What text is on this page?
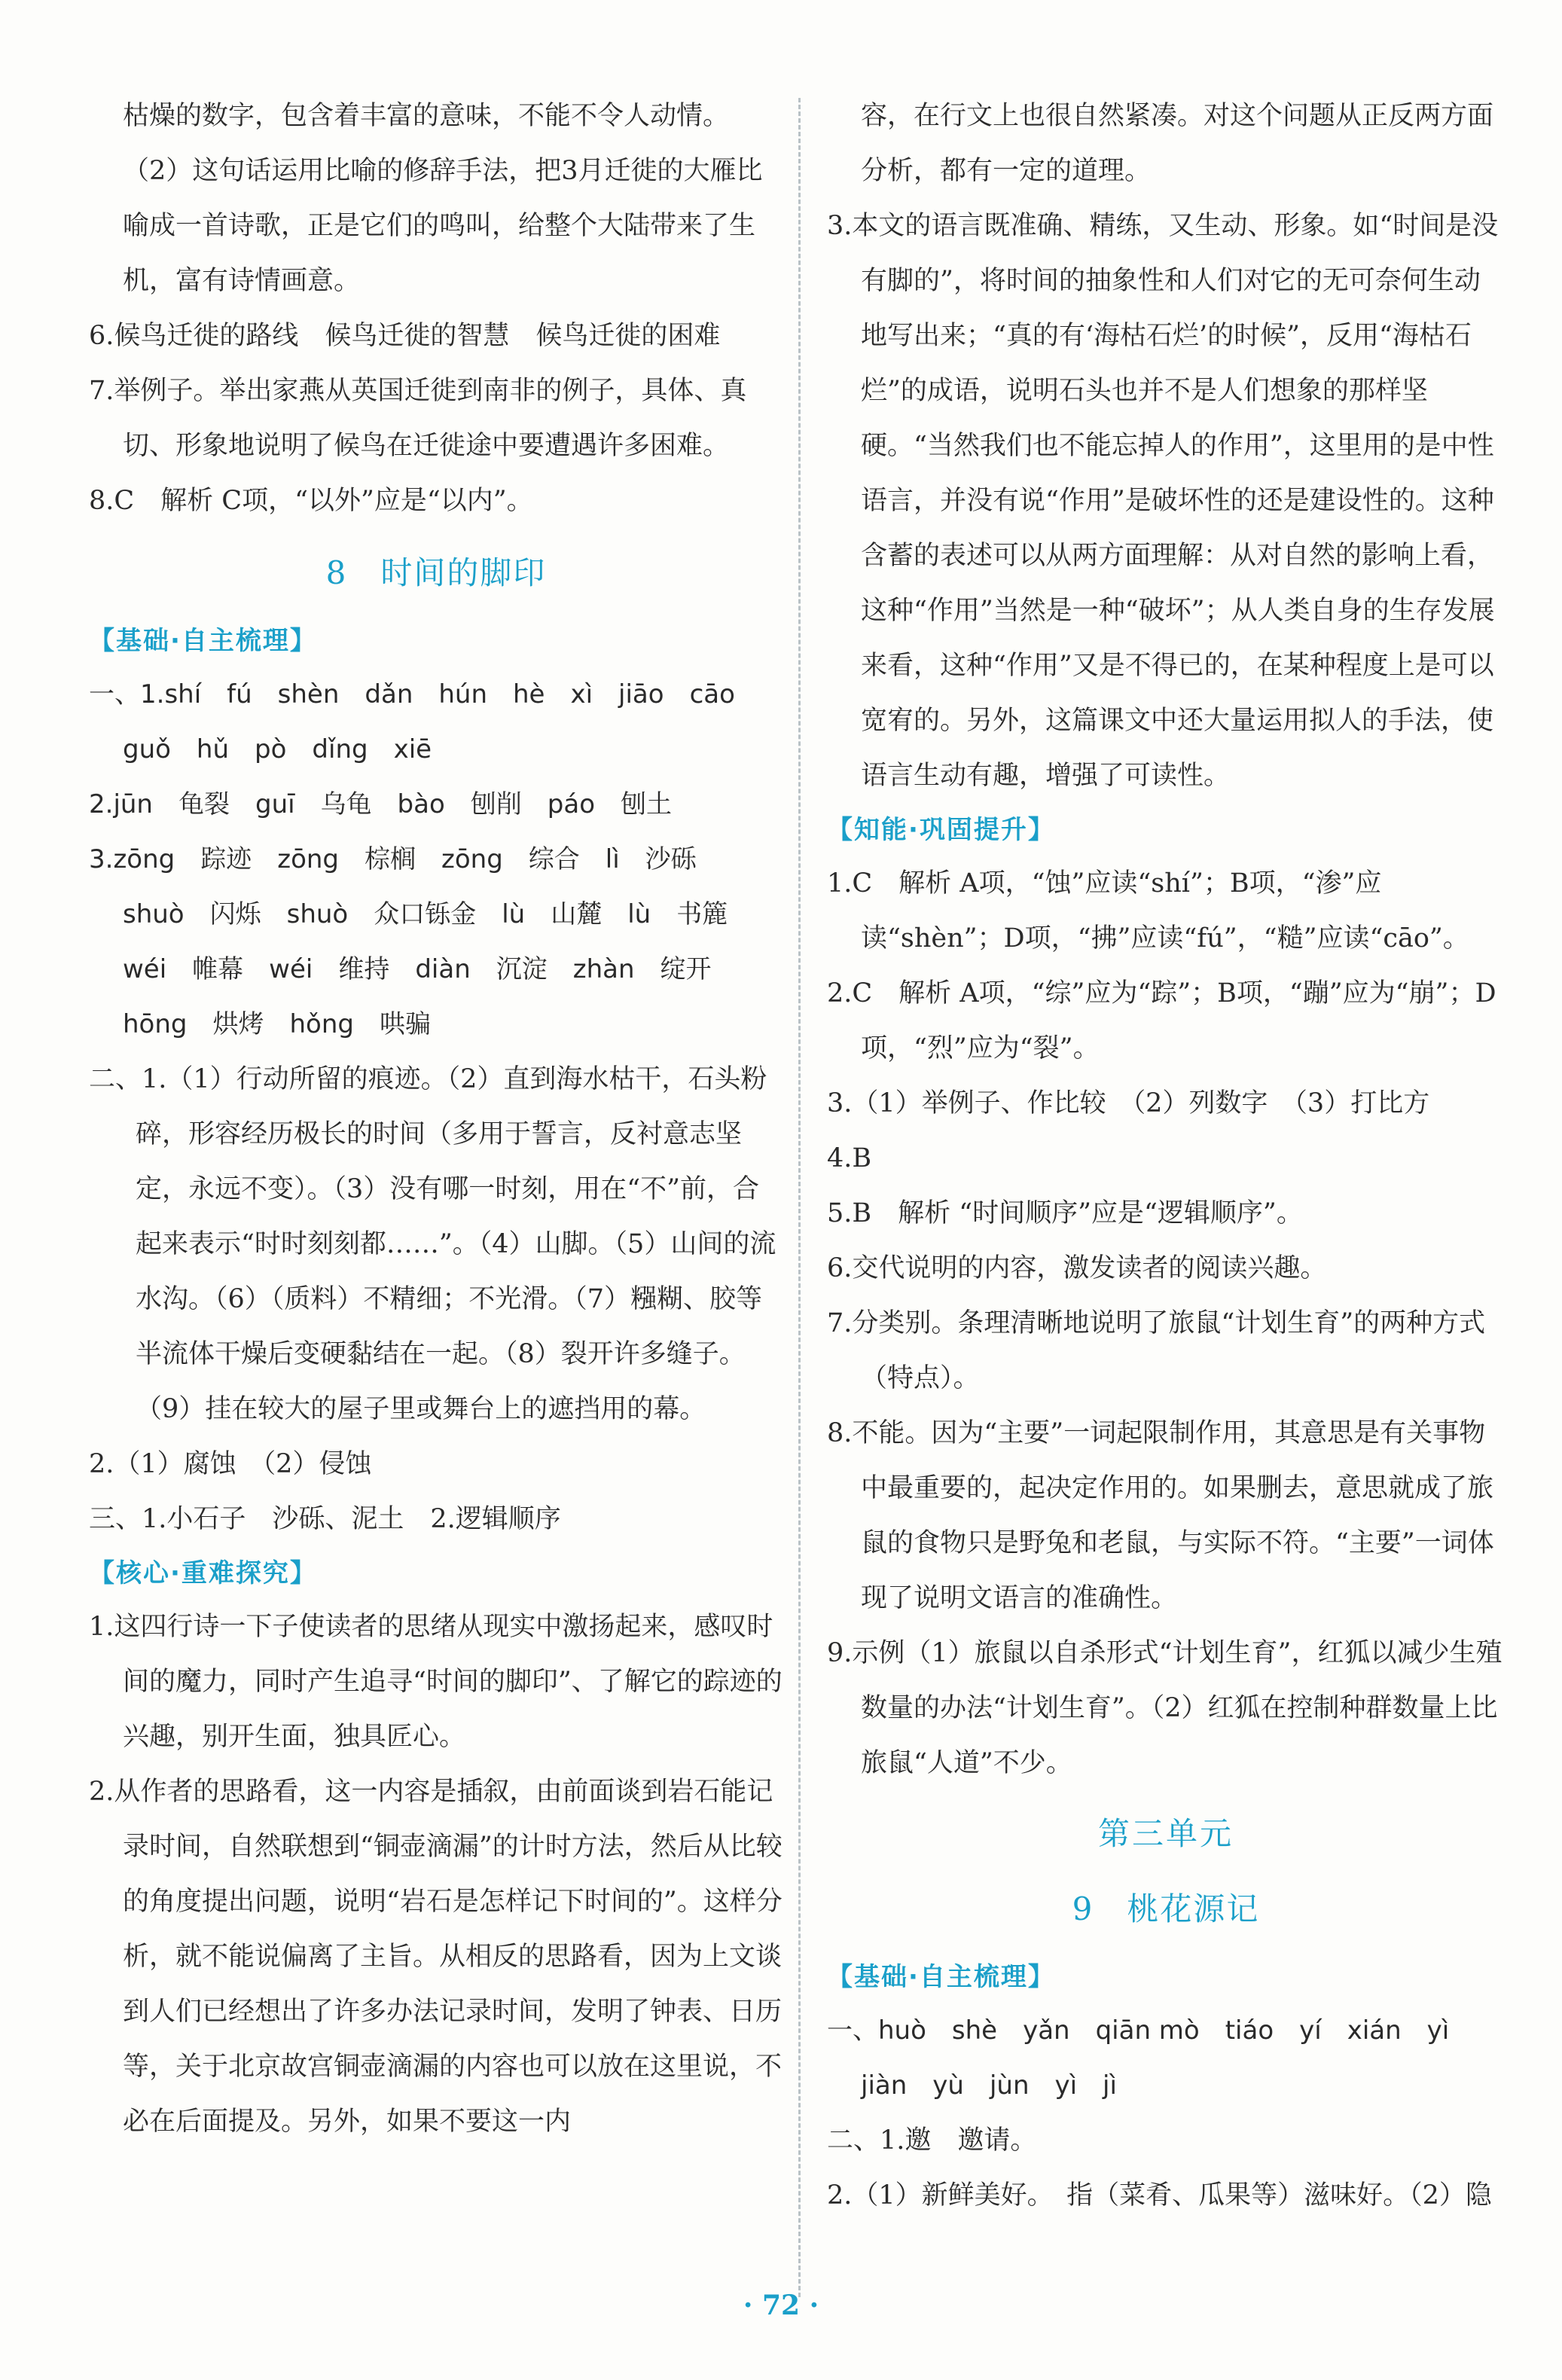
枯燥的数字，包含着丰富的意味，不能不令人动情。

（2）这句话运用比喻的修辞手法，把3月迁徙的大雁比喻成一首诗歌，正是它们的鸣叫，给整个大陆带来了生机，富有诗情画意。

6.候鸟迁徙的路线　候鸟迁徙的智慧　候鸟迁徙的困难

7.举例子。举出家燕从英国迁徙到南非的例子，具体、真切、形象地说明了候鸟在迁徙途中要遭遇许多困难。

8.C　解析 C项，“以外”应是“以内”。

8　时间的脚印
【基础·自主梳理】

一、1.shí　fú　shèn　dǎn　hún　hè　xì　jiāo　cāo

guǒ　hǔ　pò　dǐng　xiē

2.jūn　龟裂　guī　乌龟　bào　刨削　páo　刨土

3.zōng　踪迹　zōng　棕榈　zōng　综合　lì　沙砾

shuò　闪烁　shuò　众口铄金　lù　山麓　lù　书簏

wéi　帷幕　wéi　维持　diàn　沉淀　zhàn　绽开

hōng　烘烤　hǒng　哄骗

二、1.（1）行动所留的痕迹。（2）直到海水枯干，石头粉碎，形容经历极长的时间（多用于誓言，反衬意志坚定，永远不变）。（3）没有哪一时刻，用在“不”前，合起来表示“时时刻刻都……”。（4）山脚。（5）山间的流水沟。（6）（质料）不精细；不光滑。（7）糨糊、胶等半流体干燥后变硬黏结在一起。（8）裂开许多缝子。（9）挂在较大的屋子里或舞台上的遮挡用的幕。

2.（1）腐蚀　（2）侵蚀

三、1.小石子　沙砾、泥土　2.逻辑顺序

【核心·重难探究】

1.这四行诗一下子使读者的思绪从现实中激扬起来，感叹时间的魔力，同时产生追寻“时间的脚印”、了解它的踪迹的兴趣，别开生面，独具匠心。

2.从作者的思路看，这一内容是插叙，由前面谈到岩石能记录时间，自然联想到“铜壶滴漏”的计时方法，然后从比较的角度提出问题，说明“岩石是怎样记下时间的”。这样分析，就不能说偏离了主旨。从相反的思路看，因为上文谈到人们已经想出了许多办法记录时间，发明了钟表、日历等，关于北京故宫铜壶滴漏的内容也可以放在这里说，不必在后面提及。另外，如果不要这一内

容，在行文上也很自然紧凑。对这个问题从正反两方面分析，都有一定的道理。

3.本文的语言既准确、精练，又生动、形象。如“时间是没有脚的”，将时间的抽象性和人们对它的无可奈何生动地写出来；“真的有‘海枯石烂’的时候”，反用“海枯石烂”的成语，说明石头也并不是人们想象的那样坚硬。“当然我们也不能忘掉人的作用”，这里用的是中性语言，并没有说“作用”是破坏性的还是建设性的。这种含蓄的表述可以从两方面理解：从对自然的影响上看，这种“作用”当然是一种“破坏”；从人类自身的生存发展来看，这种“作用”又是不得已的，在某种程度上是可以宽宥的。另外，这篇课文中还大量运用拟人的手法，使语言生动有趣，增强了可读性。

【知能·巩固提升】

1.C　解析 A项，“蚀”应读“shí”；B项，“渗”应读“shèn”；D项，“拂”应读“fú”，“糙”应读“cāo”。

2.C　解析 A项，“综”应为“踪”；B项，“蹦”应为“崩”；D项，“烈”应为“裂”。

3.（1）举例子、作比较　（2）列数字　（3）打比方

4.B

5.B　解析 “时间顺序”应是“逻辑顺序”。

6.交代说明的内容，激发读者的阅读兴趣。

7.分类别。条理清晰地说明了旅鼠“计划生育”的两种方式（特点）。

8.不能。因为“主要”一词起限制作用，其意思是有关事物中最重要的，起决定作用的。如果删去，意思就成了旅鼠的食物只是野兔和老鼠，与实际不符。“主要”一词体现了说明文语言的准确性。

9.示例（1）旅鼠以自杀形式“计划生育”，红狐以减少生殖数量的办法“计划生育”。（2）红狐在控制种群数量上比旅鼠“人道”不少。

第三单元
9　桃花源记
【基础·自主梳理】

一、huò　shè　yǎn　qiān mò　tiáo　yí　xián　yì

jiàn　yù　jùn　yì　jì

二、1.邀　邀请。

2.（1）新鲜美好。　指（菜肴、瓜果等）滋味好。（2）隐

· 72 ·
